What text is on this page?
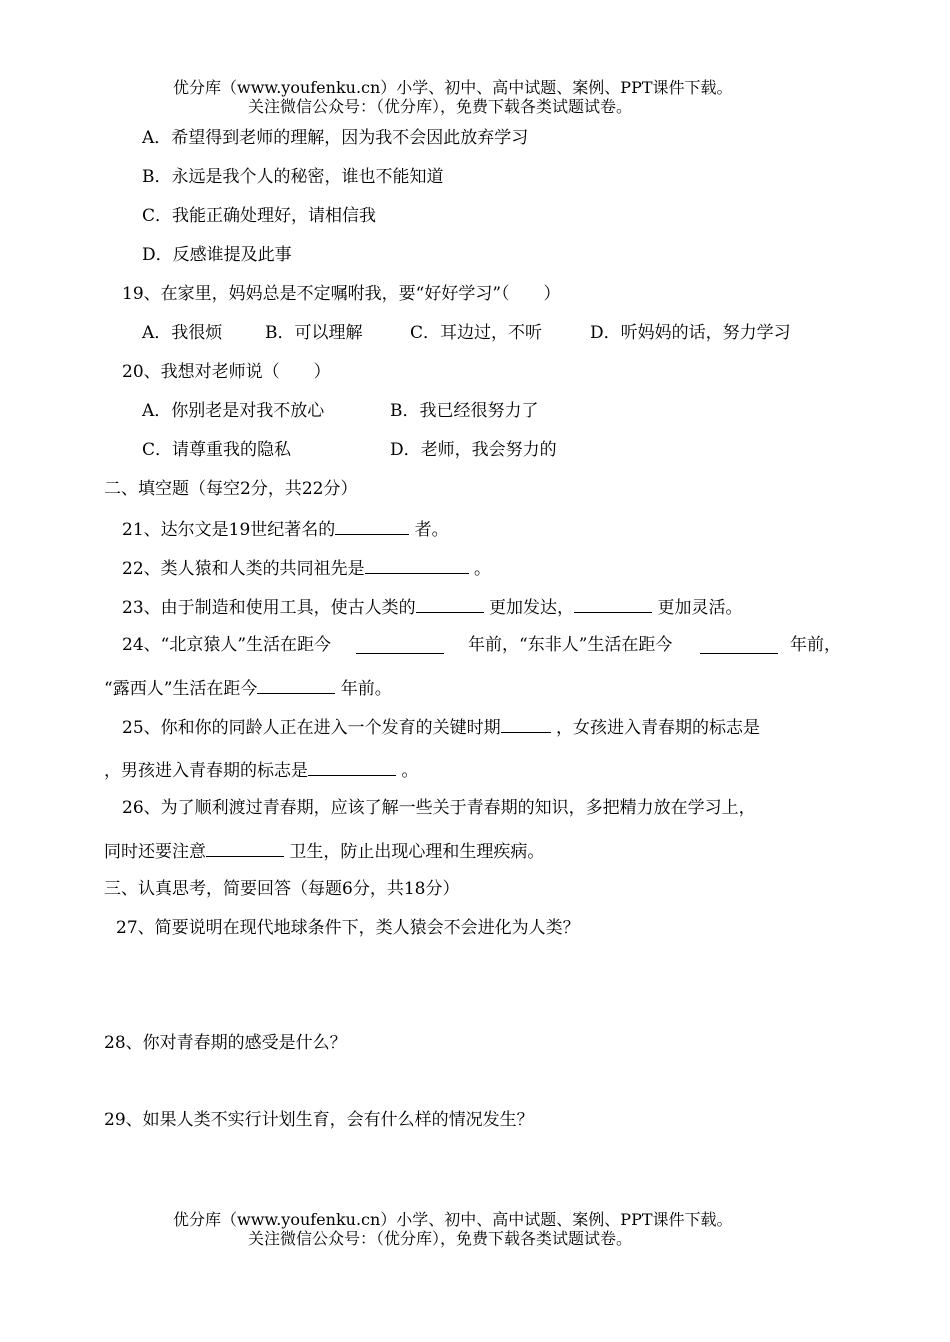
优分库（www.youfenku.cn）小学、初中、高中试题、案例、PPT课件下载。
关注微信公众号：（优分库），免费下载各类试题试卷。
A．希望得到老师的理解，因为我不会因此放弃学习
B．永远是我个人的秘密，谁也不能知道
C．我能正确处理好，请相信我
D．反感谁提及此事
19、在家里，妈妈总是不定嘱咐我，要“好好学习”（　　）
A．我很烦	B．可以理解	C．耳边过，不听	D．听妈妈的话，努力学习
20、我想对老师说（　　）
A．你别老是对我不放心	B．我已经很努力了
C．请尊重我的隐私	D．老师，我会努力的
二、填空题（每空2分，共22分）
21、达尔文是19世纪著名的	者。
22、类人猿和人类的共同祖先是	。
23、由于制造和使用工具，使古人类的	更加发达，	更加灵活。
24、“北京猿人”生活在距今	年前，“东非人”生活在距今	年前，
“露西人”生活在距今	年前。
25、你和你的同龄人正在进入一个发育的关键时期	，女孩进入青春期的标志是
，男孩进入青春期的标志是	。
26、为了顺利渡过青春期，应该了解一些关于青春期的知识，多把精力放在学习上，
同时还要注意	卫生，防止出现心理和生理疾病。
三、认真思考，简要回答（每题6分，共18分）
27、简要说明在现代地球条件下，类人猿会不会进化为人类？
28、你对青春期的感受是什么？
29、如果人类不实行计划生育，会有什么样的情况发生？
优分库（www.youfenku.cn）小学、初中、高中试题、案例、PPT课件下载。
关注微信公众号：（优分库），免费下载各类试题试卷。
